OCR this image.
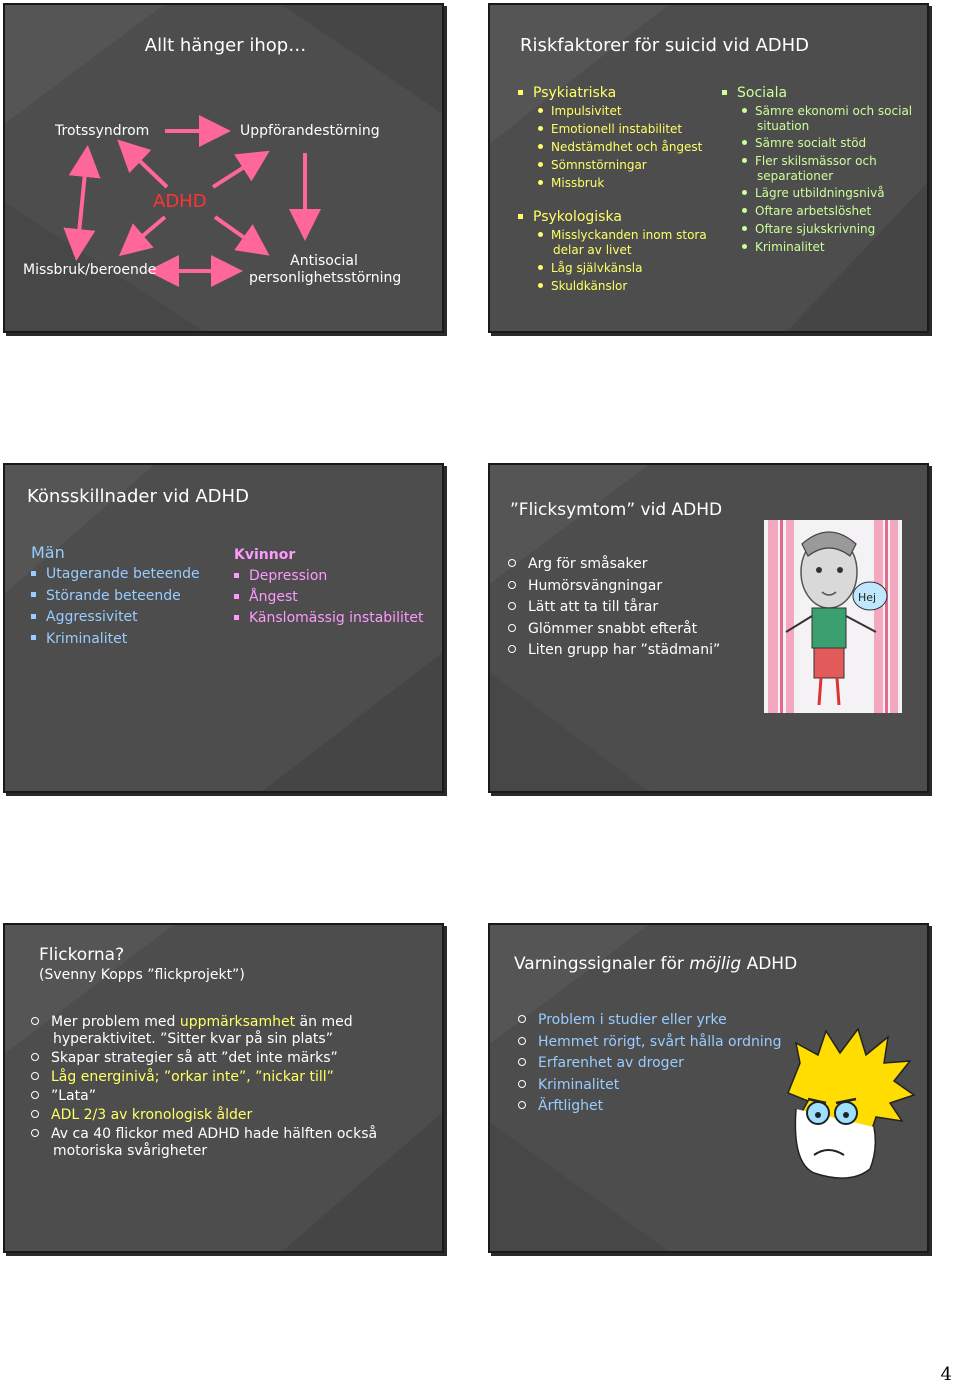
Allt hänger ihop…
ADHD
Trotssyndrom	Uppförandestörning
Missbruk/beroende
Antisocial
personlighetsstörning
Riskfaktorer för suicid vid ADHD
Psykiatriska
Impulsivitet
Emotionell instabilitet
Nedstämdhet och ångest
Sömnstörningar
Missbruk
Psykologiska
Misslyckanden inom stora delar av livet
Låg självkänsla
Skuldkänslor
Sociala
Sämre ekonomi och social situation
Sämre socialt stöd
Fler skilsmässor och separationer
Lägre utbildningsnivå
Oftare arbetslöshet
Oftare sjukskrivning
Kriminalitet
Könsskillnader vid ADHD
Män
Utagerande beteende
Störande beteende
Aggressivitet
Kriminalitet
Kvinnor
Depression
Ångest
Känslomässig instabilitet
”Flicksymtom” vid ADHD
Arg för småsaker
Humörsvängningar
Lätt att ta till tårar
Glömmer snabbt efteråt
Liten grupp har ”städmani”
Hej
Flickorna?
(Svenny Kopps ”flickprojekt”)
Mer problem med uppmärksamhet än med hyperaktivitet. ”Sitter kvar på sin plats”
Skapar strategier så att ”det inte märks”
Låg energinivå; ”orkar inte”, ”nickar till”
”Lata”
ADL 2/3 av kronologisk ålder
Av ca 40 flickor med ADHD hade hälften också motoriska svårigheter
Varningssignaler för möjlig ADHD
Problem i studier eller yrke
Hemmet rörigt, svårt hålla ordning
Erfarenhet av droger
Kriminalitet
Ärftlighet
4
